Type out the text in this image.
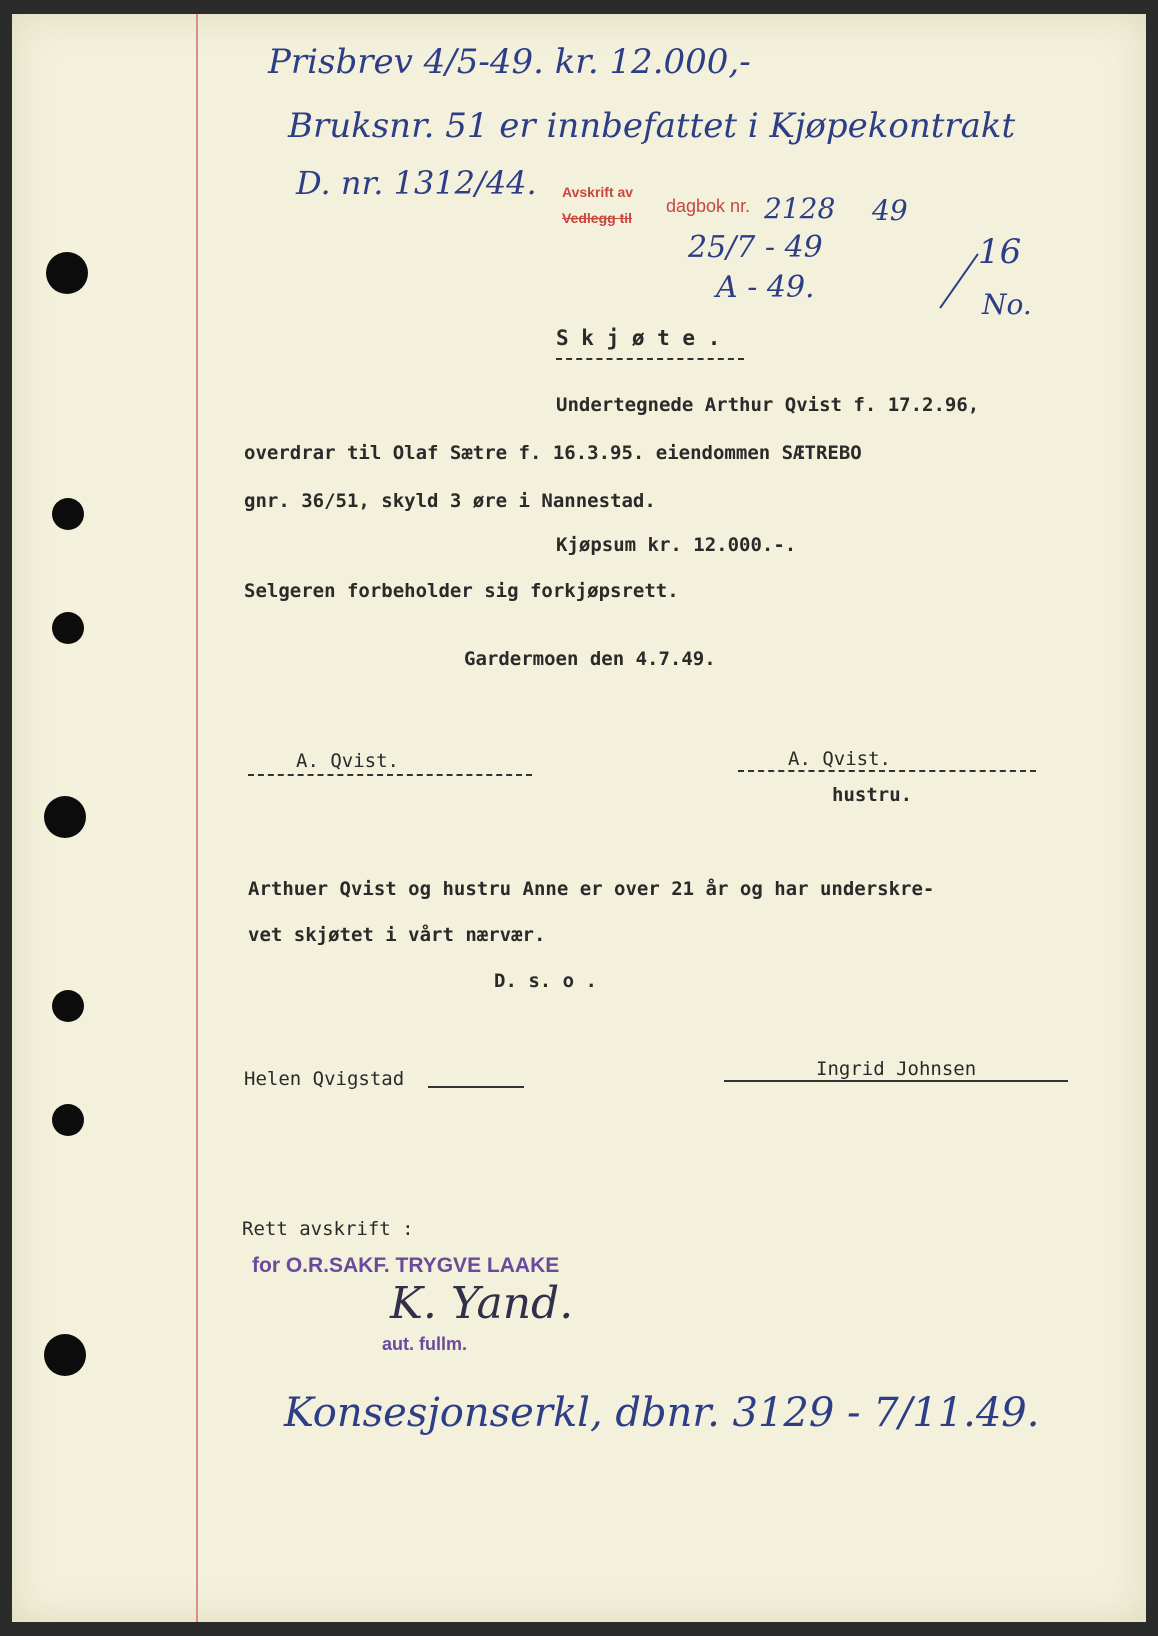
Prisbrev 4/5-49. kr. 12.000,-
Bruksnr. 51 er innbefattet i Kjøpekontrakt
D. nr. 1312/44. Avskrift av
Vedlegg til
dagbok nr. 2128 49
25/7 - 49
A - 49.
16
No.
S k j ø t e .
Undertegnede Arthur Qvist f. 17.2.96,
overdrar til Olaf Sætre f. 16.3.95. eiendommen SÆTREBO
gnr. 36/51, skyld 3 øre i Nannestad.
Kjøpsum kr. 12.000.-.
Selgeren forbeholder sig forkjøpsrett.
Gardermoen den 4.7.49.
A. Qvist.	A. Qvist.
hustru.
Arthuer Qvist og hustru Anne er over 21 år og har underskre-
vet skjøtet i vårt nærvær.
D. s. o .
Helen Qvigstad	Ingrid Johnsen
Rett avskrift :
for O.R.SAKF. TRYGVE LAAKE
K. Yand.
aut. fullm.
Konsesjonserkl, dbnr. 3129 - 7/11.49.
